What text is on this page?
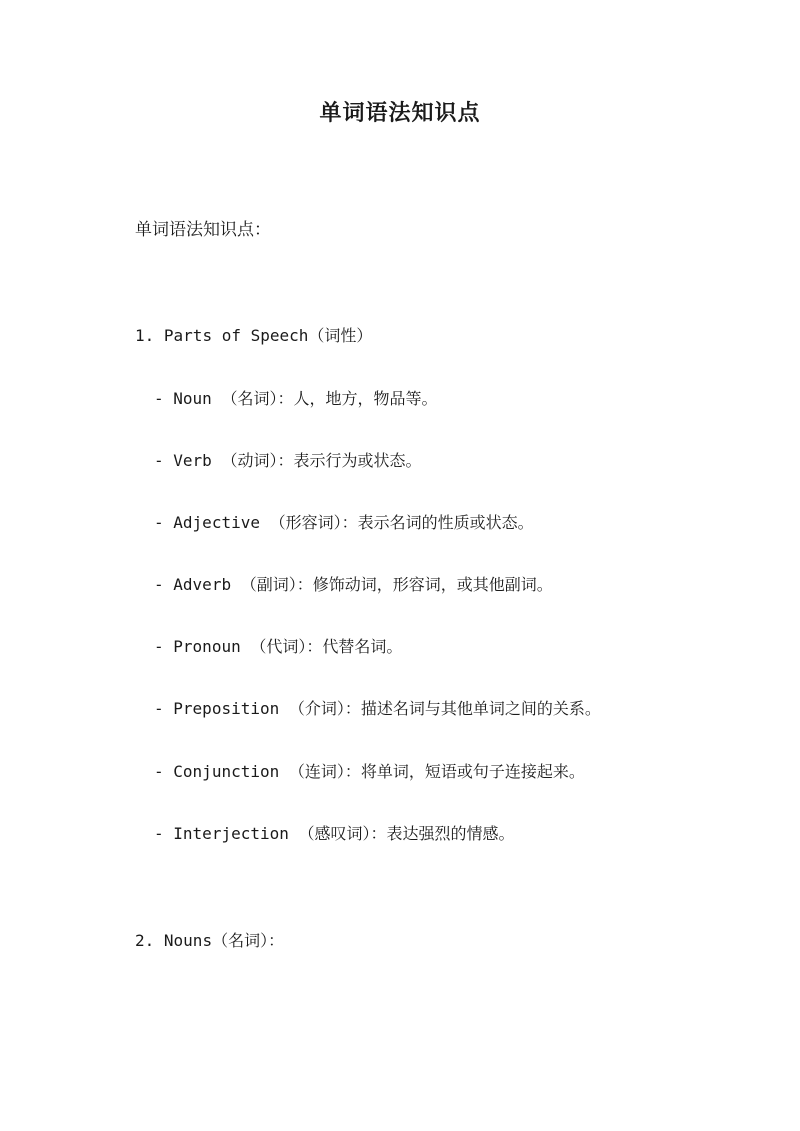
单词语法知识点
单词语法知识点：
1. Parts of Speech（词性）
- Noun （名词）：人，地方，物品等。
- Verb （动词）：表示行为或状态。
- Adjective （形容词）：表示名词的性质或状态。
- Adverb （副词）：修饰动词，形容词，或其他副词。
- Pronoun （代词）：代替名词。
- Preposition （介词）：描述名词与其他单词之间的关系。
- Conjunction （连词）：将单词，短语或句子连接起来。
- Interjection （感叹词）：表达强烈的情感。
2. Nouns（名词）：
